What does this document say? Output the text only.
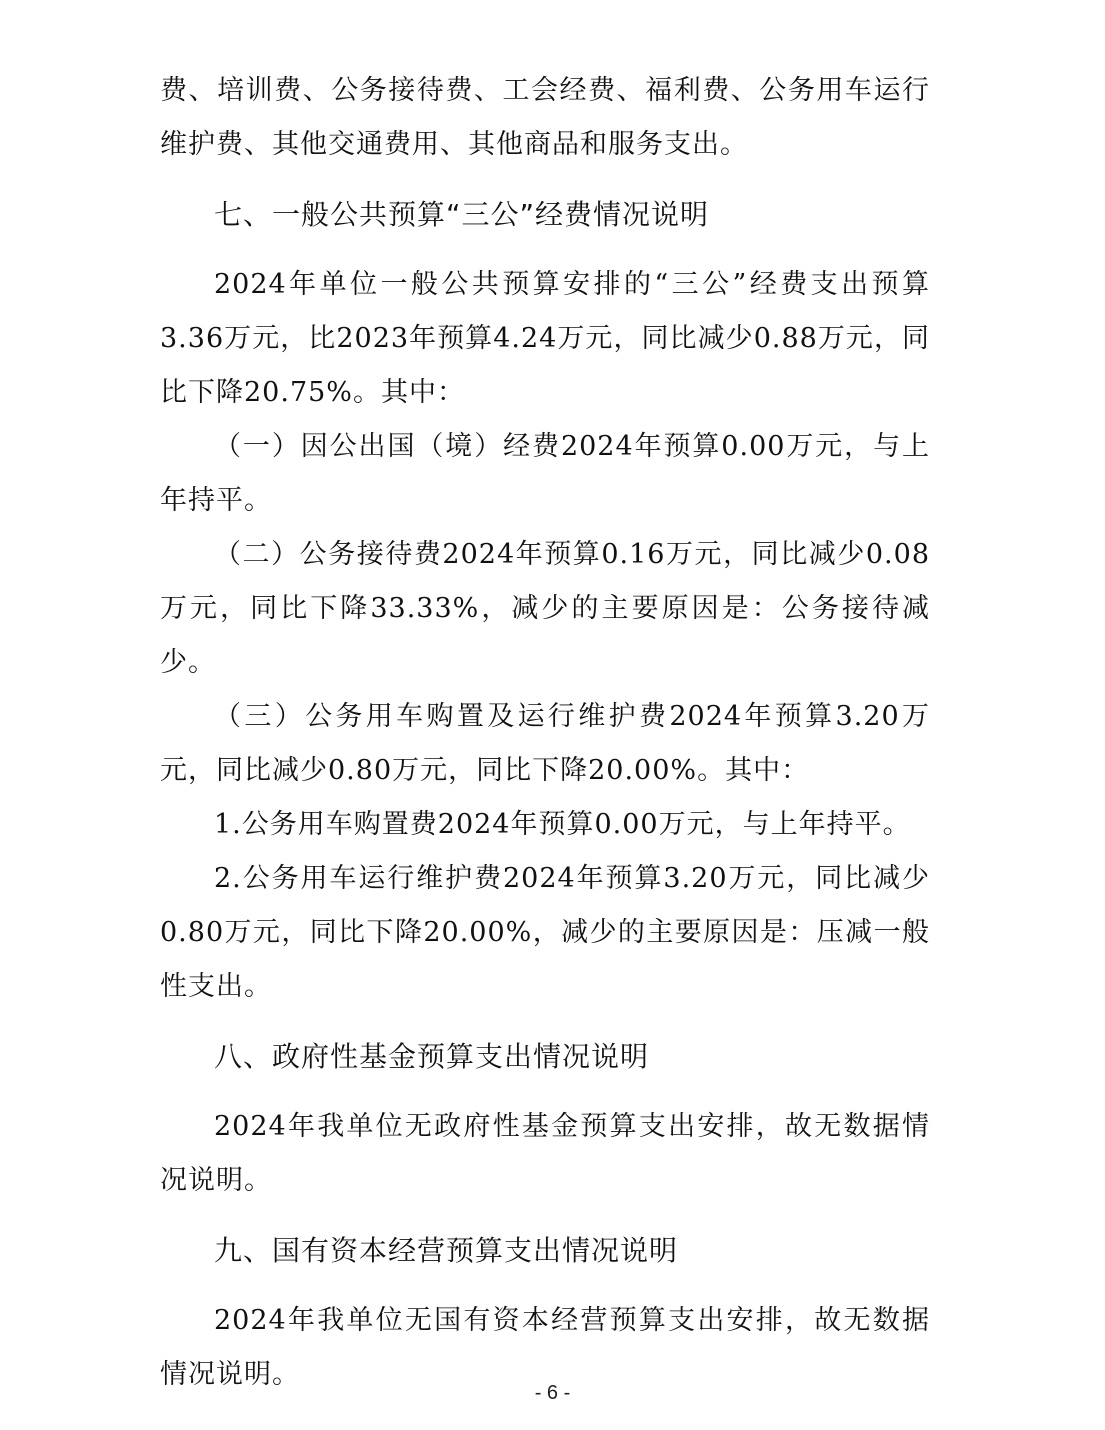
费、培训费、公务接待费、工会经费、福利费、公务用车运行维护费、其他交通费用、其他商品和服务支出。

七、一般公共预算“三公”经费情况说明

2024年单位一般公共预算安排的“三公”经费支出预算3.36万元，比2023年预算4.24万元，同比减少0.88万元，同比下降20.75%。其中：

（一）因公出国（境）经费2024年预算0.00万元，与上年持平。

（二）公务接待费2024年预算0.16万元，同比减少0.08万元，同比下降33.33%，减少的主要原因是：公务接待减少。

（三）公务用车购置及运行维护费2024年预算3.20万元，同比减少0.80万元，同比下降20.00%。其中：

1.公务用车购置费2024年预算0.00万元，与上年持平。

2.公务用车运行维护费2024年预算3.20万元，同比减少0.80万元，同比下降20.00%，减少的主要原因是：压减一般性支出。

八、政府性基金预算支出情况说明

2024年我单位无政府性基金预算支出安排，故无数据情况说明。

九、国有资本经营预算支出情况说明

2024年我单位无国有资本经营预算支出安排，故无数据情况说明。

- 6 -
